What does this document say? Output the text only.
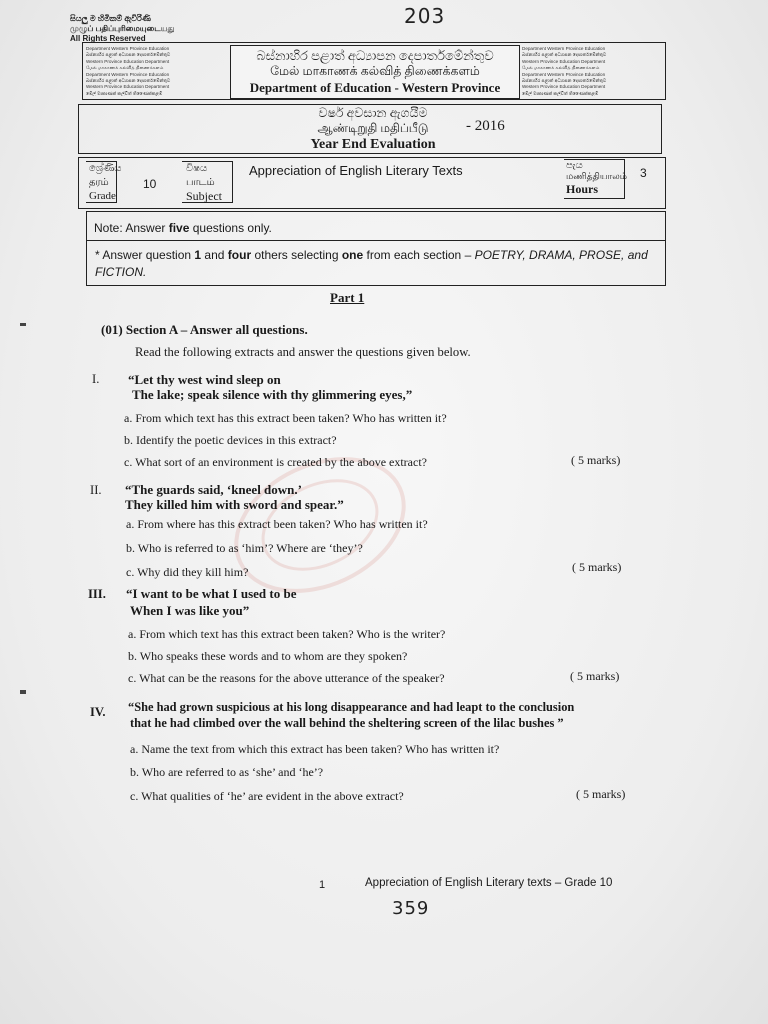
203
සියලු ම හිමිකම් ඇවිරිණි
முழுப் பதிப்புரிமையுடையது
All Rights Reserved
Department Western Province Education
බස්නාහිර පළාත් අධ්‍යාපන දෙපාර්තමේන්තුව
Western Province Education Department
மேல் மாகாணக் கல்வித் திணைக்களம்
Department Western Province Education
බස්නාහිර පළාත් අධ්‍යාපන දෙපාර්තමේන්තුව
Western Province Education Department
මේල් මාකාණක් කල්විත් තිණෛක්කළම්
Department Western Province Education
බස්නාහිර පළාත් අධ්‍යාපන දෙපාර්තමේන්තුව
Western Province Education Department
மேல் மாகாணக் கல்வித் திணைக்களம்
Department Western Province Education
බස්නාහිර පළාත් අධ්‍යාපන දෙපාර්තමේන්තුව
Western Province Education Department
මේල් මාකාණක් කල්විත් තිණෛක්කළම්
බස්නාහිර පළාත් අධ්‍යාපන දෙපාර්තමේන්තුව
மேல் மாகாணக் கல்வித் திணைக்களம்
Department of Education - Western Province
වර්ෂ අවසාන ඇගයීම
ஆண்டிறுதி மதிப்பீடு	- 2016
Year End Evaluation
ශ්‍රේණිය
தரம்
Grade
10
විෂය
பாடம்
Subject
Appreciation of English Literary Texts	පැය
மணித்தியாலம்
Hours
3
Note: Answer five questions only.
* Answer question 1 and four others selecting one from each section – POETRY, DRAMA, PROSE, and
FICTION.
Part 1
(01) Section A – Answer all questions.
Read the following extracts and answer the questions given below.
I. “Let thy west wind sleep on
The lake; speak silence with thy glimmering eyes,”
a. From which text has this extract been taken? Who has written it?
b. Identify the poetic devices in this extract?
c. What sort of an environment is created by the above extract?	( 5 marks)
II. “The guards said, ‘kneel down.’
They killed him with sword and spear.”
a. From where has this extract been taken? Who has written it?
b. Who is referred to as ‘him’? Where are ‘they’?
c. Why did they kill him?	( 5 marks)
III. “I want to be what I used to be
When I was like you”
a. From which text has this extract been taken? Who is the writer?
b. Who speaks these words and to whom are they spoken?
c. What can be the reasons for the above utterance of the speaker?	( 5 marks)
IV. “She had grown suspicious at his long disappearance and had leapt to the conclusion
that he had climbed over the wall behind the sheltering screen of the lilac bushes ”
a. Name the text from which this extract has been taken? Who has written it?
b. Who are referred to as ‘she’ and ‘he’?
c. What qualities of ‘he’ are evident in the above extract?	( 5 marks)
1	Appreciation of English Literary texts – Grade 10
359
